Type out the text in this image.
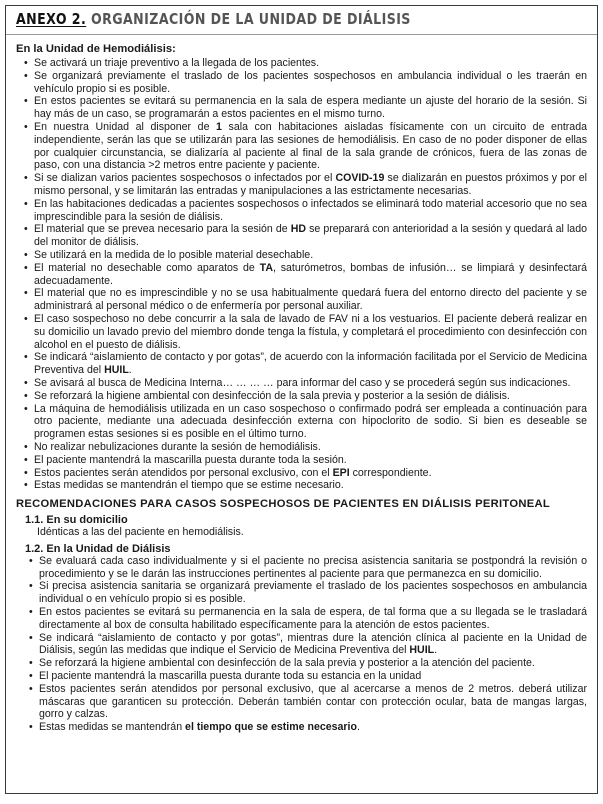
ANEXO 2. ORGANIZACIÓN DE LA UNIDAD DE DIÁLISIS
En la Unidad de Hemodiálisis:
• Se activará un triaje preventivo a la llegada de los pacientes.
• Se organizará previamente el traslado de los pacientes sospechosos en ambulancia individual o les traerán en vehículo propio si es posible.
• En estos pacientes se evitará su permanencia en la sala de espera mediante un ajuste del horario de la sesión. Si hay más de un caso, se programarán a estos pacientes en el mismo turno.
• En nuestra Unidad al disponer de 1 sala con habitaciones aisladas físicamente con un circuito de entrada independiente, serán las que se utilizarán para las sesiones de hemodiálisis. En caso de no poder disponer de ellas por cualquier circunstancia, se dializaría al paciente al final de la sala grande de crónicos, fuera de las zonas de paso, con una distancia >2 metros entre paciente y paciente.
• Si se dializan varios pacientes sospechosos o infectados por el COVID-19 se dializarán en puestos próximos y por el mismo personal, y se limitarán las entradas y manipulaciones a las estrictamente necesarias.
• En las habitaciones dedicadas a pacientes sospechosos o infectados se eliminará todo material accesorio que no sea imprescindible para la sesión de diálisis.
• El material que se prevea necesario para la sesión de HD se preparará con anterioridad a la sesión y quedará al lado del monitor de diálisis.
• Se utilizará en la medida de lo posible material desechable.
• El material no desechable como aparatos de TA, saturómetros, bombas de infusión… se limpiará y desinfectará adecuadamente.
• El material que no es imprescindible y no se usa habitualmente quedará fuera del entorno directo del paciente y se administrará al personal médico o de enfermería por personal auxiliar.
• El caso sospechoso no debe concurrir a la sala de lavado de FAV ni a los vestuarios. El paciente deberá realizar en su domicilio un lavado previo del miembro donde tenga la fístula, y completará el procedimiento con desinfección con alcohol en el puesto de diálisis.
• Se indicará “aislamiento de contacto y por gotas”, de acuerdo con la información facilitada por el Servicio de Medicina Preventiva del HUIL.
• Se avisará al busca de Medicina Interna… … … … para informar del caso y se procederá según sus indicaciones.
• Se reforzará la higiene ambiental con desinfección de la sala previa y posterior a la sesión de diálisis.
• La máquina de hemodiálisis utilizada en un caso sospechoso o confirmado podrá ser empleada a continuación para otro paciente, mediante una adecuada desinfección externa con hipoclorito de sodio. Si bien es deseable se programen estas sesiones si es posible en el último turno.
• No realizar nebulizaciones durante la sesión de hemodiálisis.
• El paciente mantendrá la mascarilla puesta durante toda la sesión.
• Estos pacientes serán atendidos por personal exclusivo, con el EPI correspondiente.
• Estas medidas se mantendrán el tiempo que se estime necesario.
RECOMENDACIONES PARA CASOS SOSPECHOSOS DE PACIENTES EN DIÁLISIS PERITONEAL
1.1. En su domicilio
Idénticas a las del paciente en hemodiálisis.
1.2. En la Unidad de Diálisis
• Se evaluará cada caso individualmente y si el paciente no precisa asistencia sanitaria se postpondrá la revisión o procedimiento y se le darán las instrucciones pertinentes al paciente para que permanezca en su domicilio.
• Si precisa asistencia sanitaria se organizará previamente el traslado de los pacientes sospechosos en ambulancia individual o en vehículo propio si es posible.
• En estos pacientes se evitará su permanencia en la sala de espera, de tal forma que a su llegada se le trasladará directamente al box de consulta habilitado específicamente para la atención de estos pacientes.
• Se indicará “aislamiento de contacto y por gotas”, mientras dure la atención clínica al paciente en la Unidad de Diálisis, según las medidas que indique el Servicio de Medicina Preventiva del HUIL.
• Se reforzará la higiene ambiental con desinfección de la sala previa y posterior a la atención del paciente.
• El paciente mantendrá la mascarilla puesta durante toda su estancia en la unidad
• Estos pacientes serán atendidos por personal exclusivo, que al acercarse a menos de 2 metros. deberá utilizar máscaras que garanticen su protección. Deberán también contar con protección ocular, bata de mangas largas, gorro y calzas.
• Estas medidas se mantendrán el tiempo que se estime necesario.
